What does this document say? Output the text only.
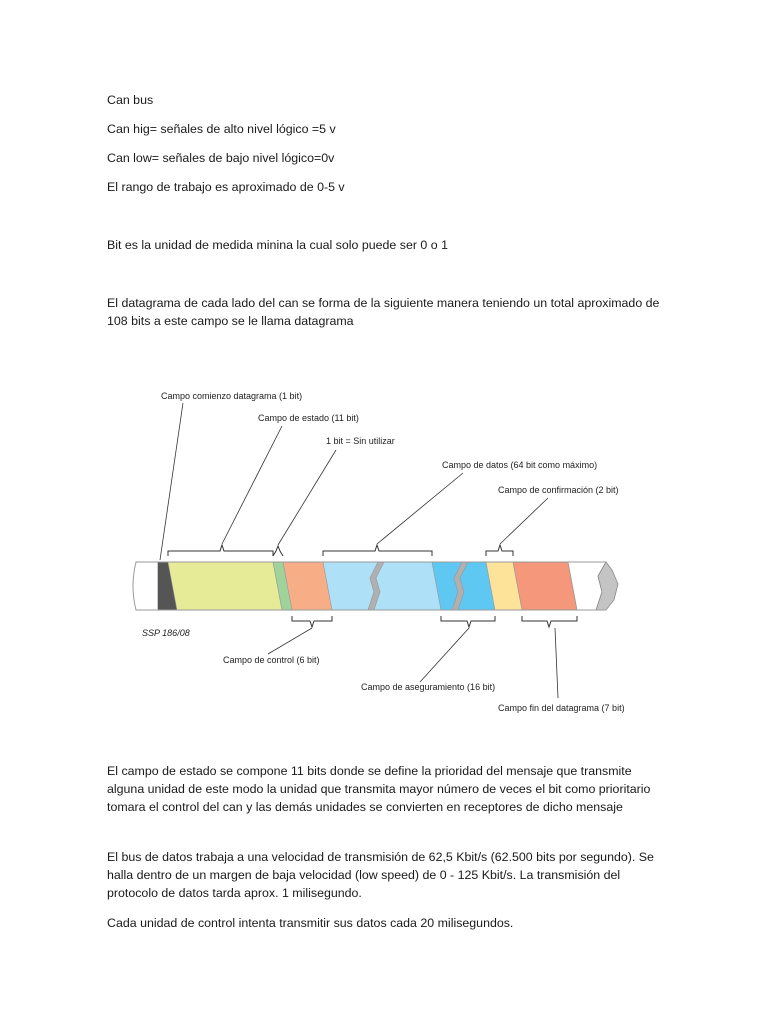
Can bus

Can hig= señales de alto nivel lógico =5 v

Can low= señales de bajo nivel lógico=0v

El rango de trabajo es aproximado de 0-5 v

Bit es la unidad de medida minina la cual solo puede ser 0 o 1

El datagrama de cada lado del can se forma de la siguiente manera teniendo un total aproximado de 108 bits a este campo se le llama datagrama

Campo comienzo datagrama (1 bit)
Campo de estado (11 bit)
1 bit = Sin utilizar
Campo de datos (64 bit como máximo)
Campo de confirmación (2 bit)
SSP 186/08
Campo de control (6 bit)
Campo de aseguramiento (16 bit)
Campo fin del datagrama (7 bit)

El campo de estado se compone 11 bits donde se define la prioridad del mensaje que transmite alguna unidad de este modo la unidad que transmita mayor número de veces el bit como prioritario tomara el control del can y las demás unidades se convierten en receptores de dicho mensaje

El bus de datos trabaja a una velocidad de transmisión de 62,5 Kbit/s (62.500 bits por segundo). Se halla dentro de un margen de baja velocidad (low speed) de 0 - 125 Kbit/s. La transmisión del protocolo de datos tarda aprox. 1 milisegundo.

Cada unidad de control intenta transmitir sus datos cada 20 milisegundos.
